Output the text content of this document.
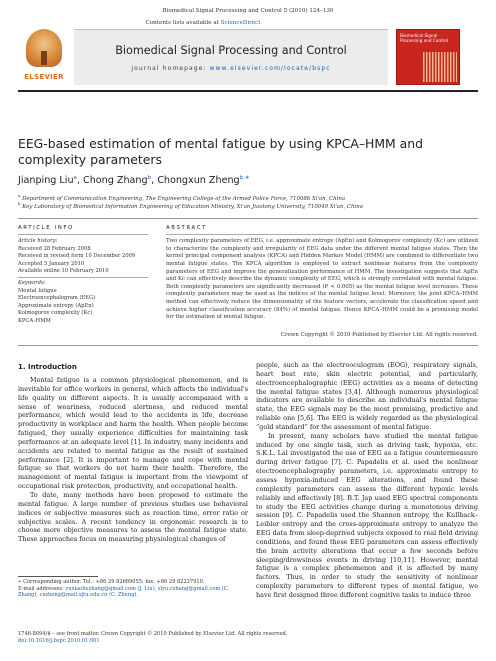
Biomedical Signal Processing and Control 5 (2010) 124–130
Contents lists available at ScienceDirect
ELSEVIER
Biomedical Signal Processing and Control
journal homepage: www.elsevier.com/locate/bspc
Biomedical Signal Processing and Control
EEG-based estimation of mental fatigue by using KPCA–HMM and complexity parameters
Jianping Liu$^a$, Chong Zhang$^b$, Chongxun Zheng$^{b,∗}$
$^a$ Department of Communication Engineering, The Engineering College of the Armed Police Force, 710086 Xi'an, China
$^b$ Key Laboratory of Biomedical Information Engineering of Education Ministry, Xi'an Jiaotong University, 710049 Xi'an, China
ARTICLE INFO	ABSTRACT
Article history:
Received 28 February 2008
Received in revised form 10 December 2009
Accepted 5 January 2010
Available online 10 February 2010
Keywords:
Mental fatigue
Electroencephalogram (EEG)
Approximate entropy (ApEn)
Kolmogorov complexity (Kc)
KPCA–HMM
Two complexity parameters of EEG, i.e. approximate entropy (ApEn) and Kolmogorov complexity (Kc) are utilized to characterize the complexity and irregularity of EEG data under the different mental fatigue states. Then the kernel principal component analysis (KPCA) and Hidden Markov Model (HMM) are combined to differentiate two mental fatigue states. The KPCA algorithm is employed to extract nonlinear features from the complexity parameters of EEG and improve the generalization performance of HMM. The investigation suggests that ApEn and Kc can effectively describe the dynamic complexity of EEG, which is strongly correlated with mental fatigue. Both complexity parameters are significantly decreased (P < 0.005) as the mental fatigue level increases. These complexity parameters may be used as the indices of the mental fatigue level. Moreover, the joint KPCA–HMM method can effectively reduce the dimensionality of the feature vectors, accelerate the classification speed and achieve higher classification accuracy (84%) of mental fatigue. Hence KPCA–HMM could be a promising model for the estimation of mental fatigue.
Crown Copyright © 2010 Published by Elsevier Ltd. All rights reserved.
1. Introduction
Mental fatigue is a common physiological phenomenon, and is inevitable for office workers in general, which affects the individual's life quality on different aspects. It is usually accompanied with a sense of weariness, reduced alertness, and reduced mental performance, which would lead to the accidents in life, decrease productivity in workplace and harm the health. When people become fatigued, they usually experience difficulties for maintaining task performance at an adequate level [1]. In industry, many incidents and accidents are related to mental fatigue as the result of sustained performance [2]. It is important to manage and cope with mental fatigue so that workers do not harm their health. Therefore, the management of mental fatigue is important from the viewpoint of occupational risk protection, productivity, and occupational health.
To date, many methods have been proposed to estimate the mental fatigue. A large number of previous studies use behavioral indices or subjective measures such as reaction time, error ratio or subjective scales. A recent tendency in ergonomic research is to choose more objective measures to assess the mental fatigue state. These approaches focus on measuring physiological changes of
people, such as the electrooculogram (EOG), respiratory signals, heart beat rate, skin electric potential, and particularly, electroencephalographic (EEG) activities as a means of detecting the mental fatigue states [3,4]. Although numerous physiological indicators are available to describe an individual's mental fatigue state, the EEG signals may be the most promising, predictive and reliable one [5,6]. The EEG is widely regarded as the physiological “gold standard” for the assessment of mental fatigue.
In present, many scholars have studied the mental fatigue induced by one single task, such as driving task, hypoxia, etc. S.K.L. Lal investigated the use of EEG as a fatigue countermeasure during driver fatigue [7]. C. Papadelis et al. used the nonlinear electroencephalography parameters, i.e. approximate entropy to assess hypoxia-induced EEG alterations, and found these complexity parameters can assess the different hypoxic levels reliably and effectively [8]. B.T. Jap used EEG spectral components to study the EEG activities change during a monotonous driving session [9]. C. Papadelis used the Shannon entropy, the Kullback–Leibler entropy and the cross-approximate entropy to analyze the EEG data from sleep-deprived subjects exposed to real field driving conditions, and found these EEG parameters can assess effectively the brain activity alterations that occur a few seconds before sleeping/drowsiness events in driving [10,11]. However, mental fatigue is a complex phenomenon and it is affected by many factors. Thus, in order to study the sensitivity of nonlinear complexity parameters to different types of mental fatigue, we have first designed three different cognitive tasks to induce three
∗ Corresponding author. Tel.: +86 29 82669055; fax: +86 29 82237910.
E-mail addresses: yuxiaoliezhang@gmail.com (J. Liu), slyu.czhang@gmail.com (C. Zhang), cxzheng@mail.xjtu.edu.cn (C. Zheng).
1746-8094/$ – see front matter. Crown Copyright © 2010 Published by Elsevier Ltd. All rights reserved.
doi:10.1016/j.bspc.2010.01.001
